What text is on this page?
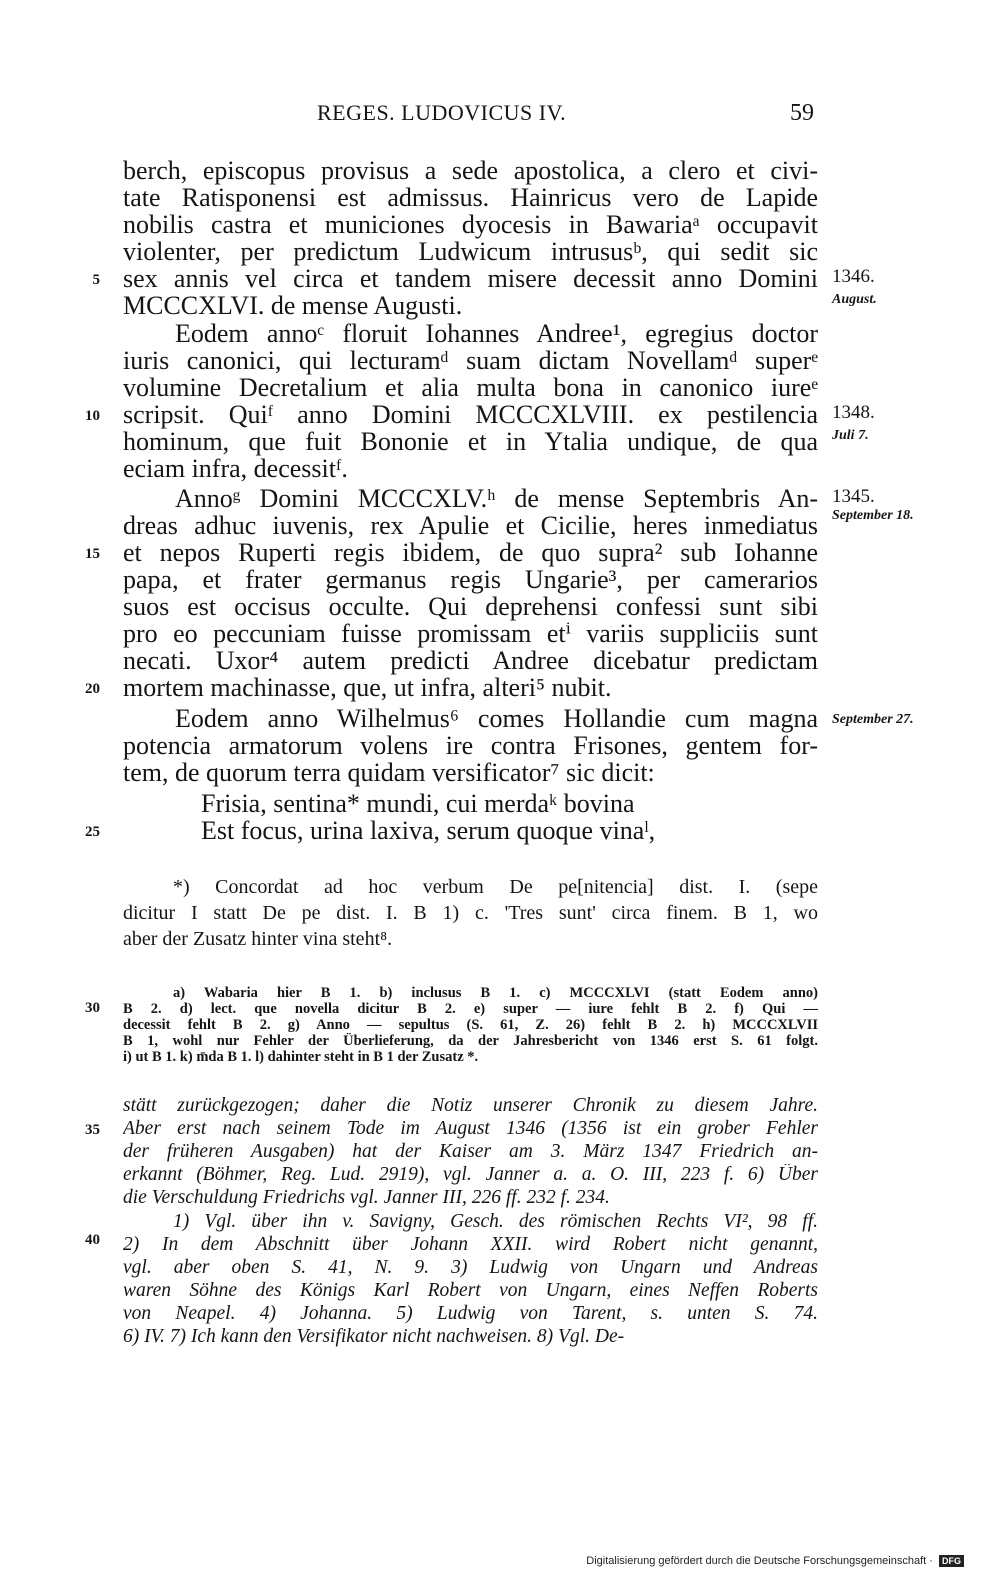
REGES. LUDOVICUS IV.	59
berch, episcopus provisus a sede apostolica, a clero et civi-
tate Ratisponensi est admissus. Hainricus vero de Lapide
nobilis castra et municiones dyocesis in Bawariaᵃ occupavit
violenter, per predictum Ludwicum intrususᵇ, qui sedit sic
sex annis vel circa et tandem misere decessit anno Domini
MCCCXLVI. de mense Augusti.
Eodem annoᶜ floruit Iohannes Andree¹, egregius doctor
iuris canonici, qui lecturamᵈ suam dictam Novellamᵈ superᵉ
volumine Decretalium et alia multa bona in canonico iureᵉ
scripsit. Quiᶠ anno Domini MCCCXLVIII. ex pestilencia
hominum, que fuit Bononie et in Ytalia undique, de qua
eciam infra, decessitᶠ.
Annoᵍ Domini MCCCXLV.ʰ de mense Septembris An-
dreas adhuc iuvenis, rex Apulie et Cicilie, heres inmediatus
et nepos Ruperti regis ibidem, de quo supra² sub Iohanne
papa, et frater germanus regis Ungarie³, per camerarios
suos est occisus occulte. Qui deprehensi confessi sunt sibi
pro eo peccuniam fuisse promissam etⁱ variis suppliciis sunt
necati. Uxor⁴ autem predicti Andree dicebatur predictam
mortem machinasse, que, ut infra, alteri⁵ nubit.
Eodem anno Wilhelmus⁶ comes Hollandie cum magna
potencia armatorum volens ire contra Frisones, gentem for-
tem, de quorum terra quidam versificator⁷ sic dicit:
Frisia, sentina* mundi, cui merdaᵏ bovina
Est focus, urina laxiva, serum quoque vinaˡ,
5
10
15
20
25
30
35
40
1346.
August.
1348.
Juli 7.
1345.
September 18.
September 27.
*) Concordat ad hoc verbum De pe[nitencia] dist. I. (sepe
dicitur I statt De pe dist. I. B 1) c. 'Tres sunt' circa finem. B 1, wo
aber der Zusatz hinter vina steht⁸.
a) Wabaria hier B 1. b) inclusus B 1. c) MCCCXLVI (statt Eodem anno)
B 2. d) lect. que novella dicitur B 2. e) super — iure fehlt B 2. f) Qui —
decessit fehlt B 2. g) Anno — sepultus (S. 61, Z. 26) fehlt B 2. h) MCCCXLVII
B 1, wohl nur Fehler der Überlieferung, da der Jahresbericht von 1346 erst S. 61 folgt.
i) ut B 1. k) m̄da B 1. l) dahinter steht in B 1 der Zusatz *.
stätt zurückgezogen; daher die Notiz unserer Chronik zu diesem Jahre.
Aber erst nach seinem Tode im August 1346 (1356 ist ein grober Fehler
der früheren Ausgaben) hat der Kaiser am 3. März 1347 Friedrich an-
erkannt (Böhmer, Reg. Lud. 2919), vgl. Janner a. a. O. III, 223 f. 6) Über
die Verschuldung Friedrichs vgl. Janner III, 226 ff. 232 f. 234.
1) Vgl. über ihn v. Savigny, Gesch. des römischen Rechts VI², 98 ff.
2) In dem Abschnitt über Johann XXII. wird Robert nicht genannt,
vgl. aber oben S. 41, N. 9. 3) Ludwig von Ungarn und Andreas
waren Söhne des Königs Karl Robert von Ungarn, eines Neffen Roberts
von Neapel. 4) Johanna. 5) Ludwig von Tarent, s. unten S. 74.
6) IV. 7) Ich kann den Versifikator nicht nachweisen. 8) Vgl. De-
Digitalisierung gefördert durch die Deutsche Forschungsgemeinschaft · DFG
